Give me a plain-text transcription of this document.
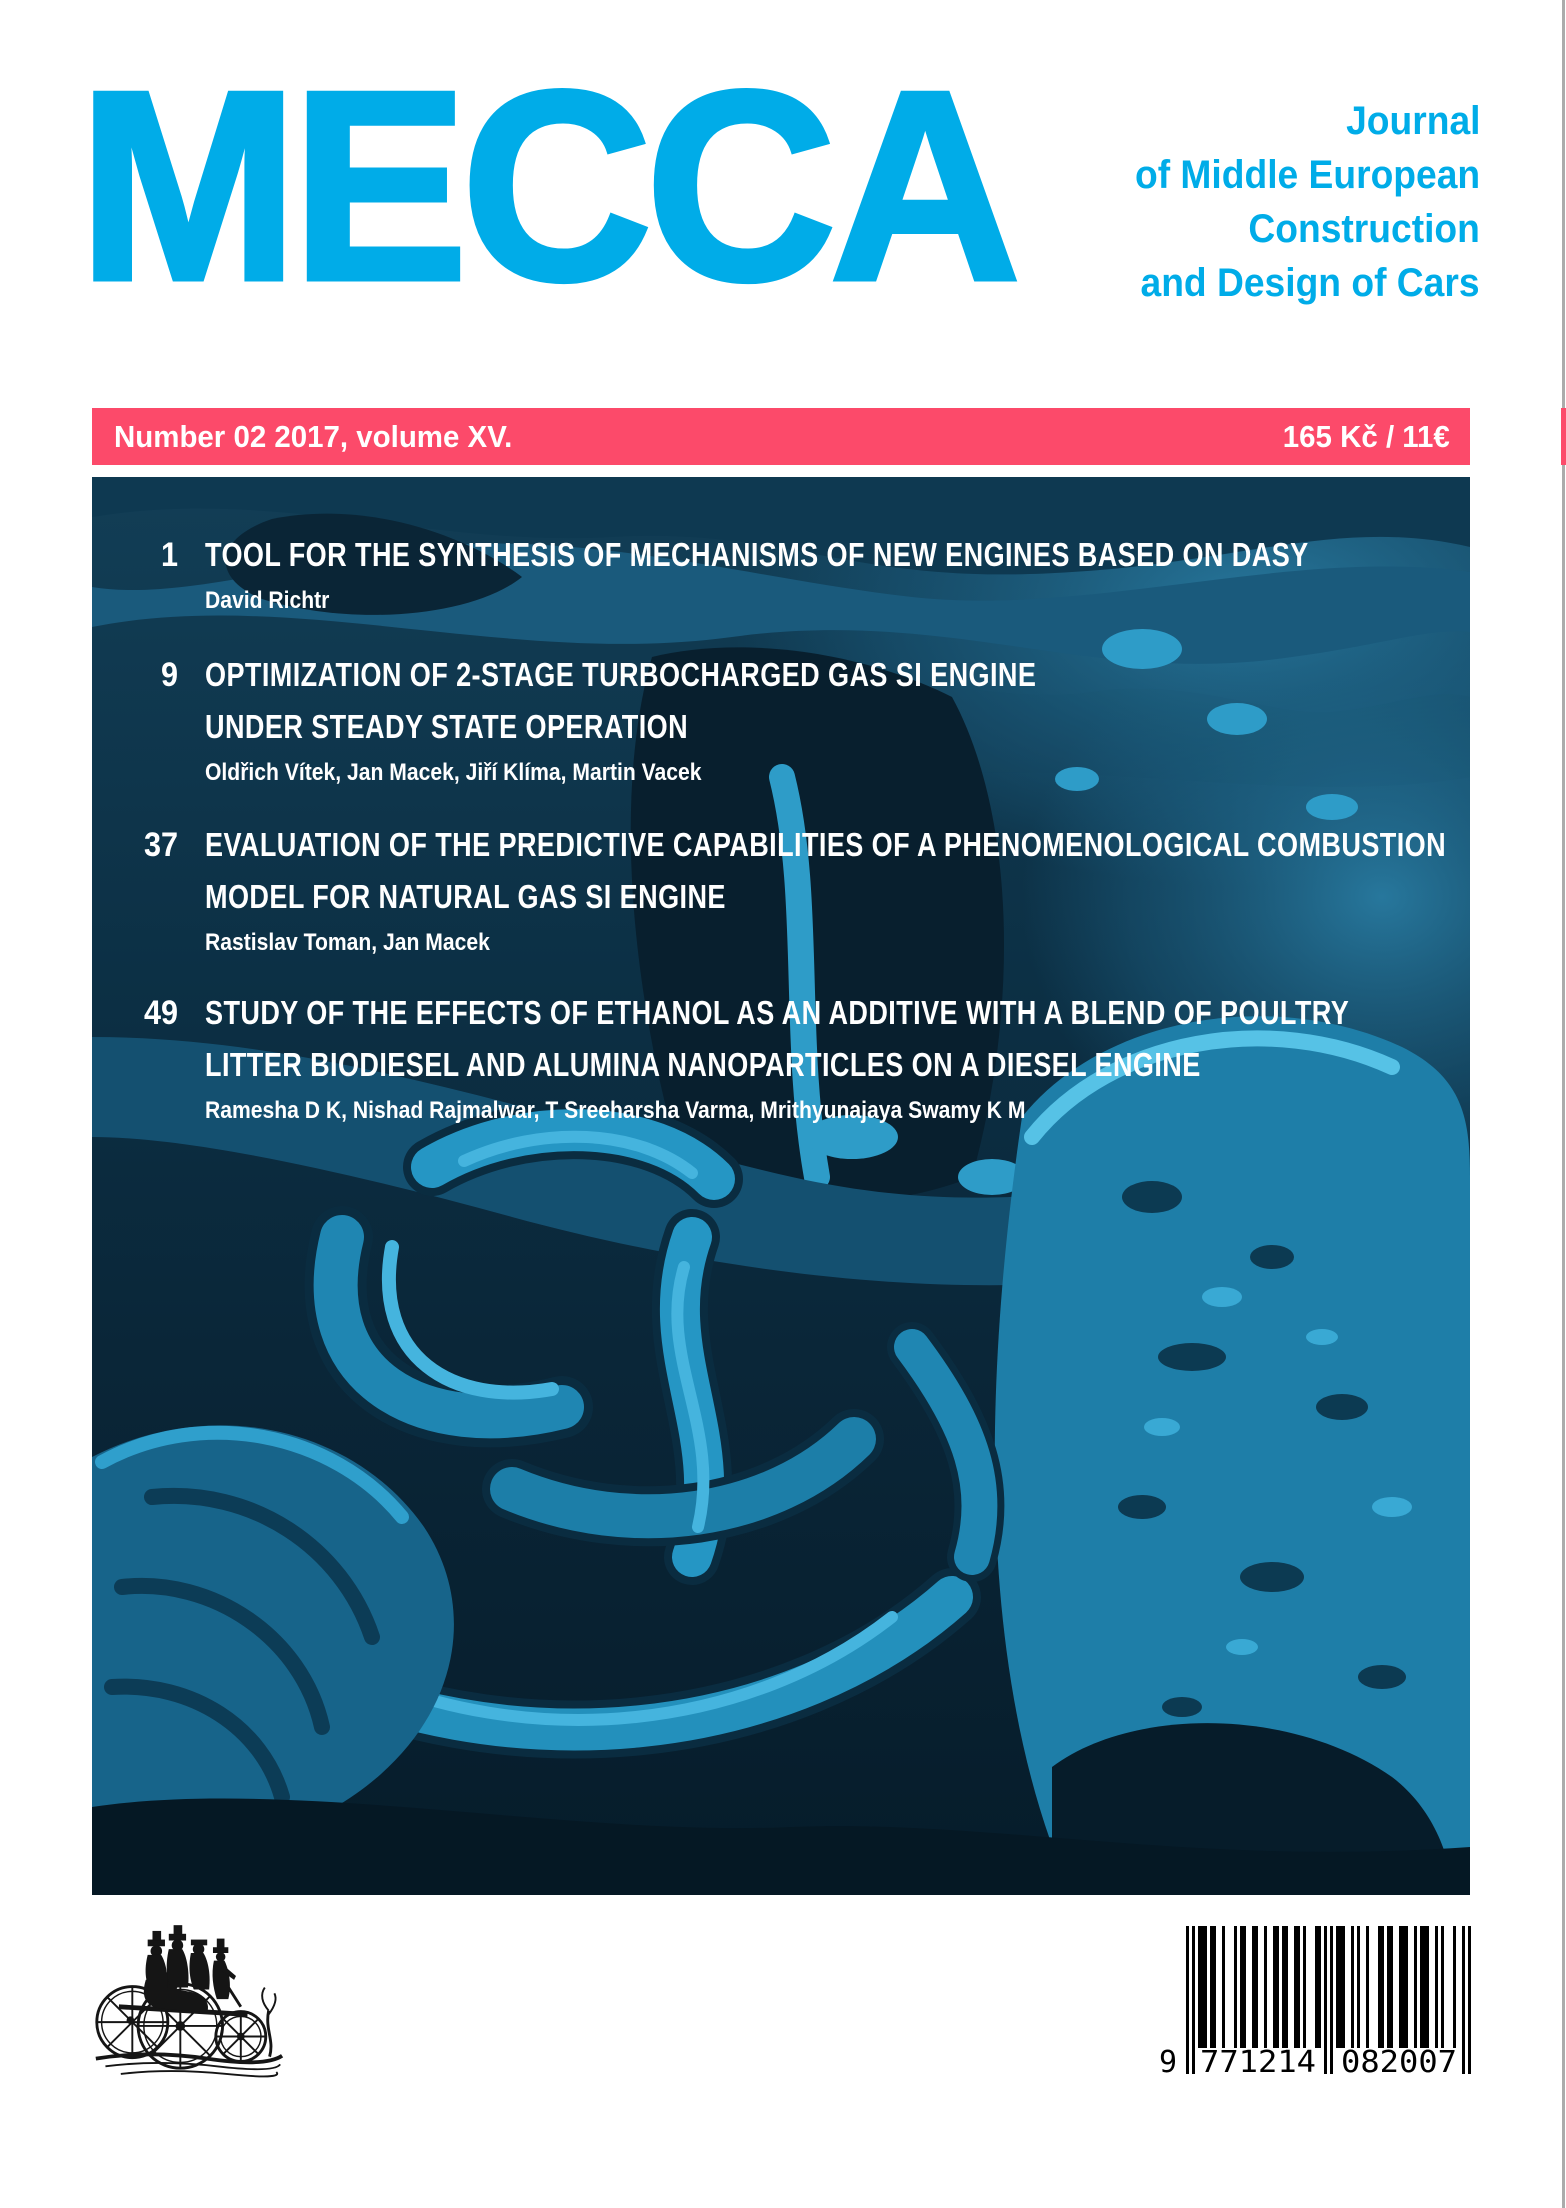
MECCA	Journal
of Middle European
Construction
and Design of Cars
Number 02 2017, volume XV.	165 Kč / 11€
1 TOOL FOR THE SYNTHESIS OF MECHANISMS OF NEW ENGINES BASED ON DASY
David Richtr
9 OPTIMIZATION OF 2-STAGE TURBOCHARGED GAS SI ENGINE
UNDER STEADY STATE OPERATION
Oldřich Vítek, Jan Macek, Jiří Klíma, Martin Vacek
37 EVALUATION OF THE PREDICTIVE CAPABILITIES OF A PHENOMENOLOGICAL COMBUSTION
MODEL FOR NATURAL GAS SI ENGINE
Rastislav Toman, Jan Macek
49 STUDY OF THE EFFECTS OF ETHANOL AS AN ADDITIVE WITH A BLEND OF POULTRY
LITTER BIODIESEL AND ALUMINA NANOPARTICLES ON A DIESEL ENGINE
Ramesha D K, Nishad Rajmalwar, T Sreeharsha Varma, Mrithyunajaya Swamy K M
9 771214 082007
